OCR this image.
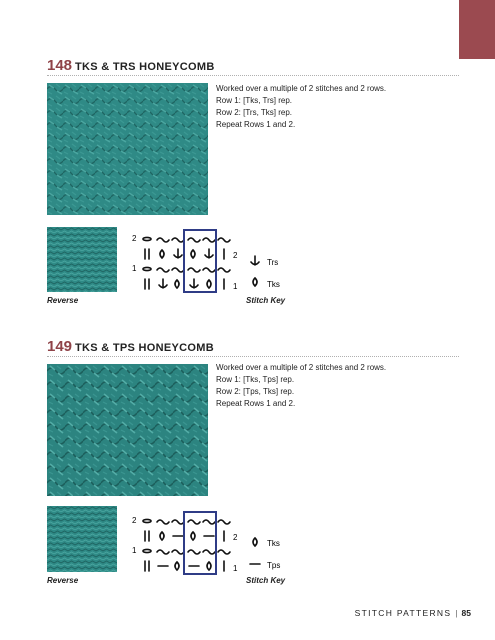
148 TKS & TRS HONEYCOMB
Worked over a multiple of 2 stitches and 2 rows.
Row 1: [Tks, Trs] rep.
Row 2: [Trs, Tks] rep.
Repeat Rows 1 and 2.
Reverse
2
1
2
1
Trs
Tks
Stitch Key
149 TKS & TPS HONEYCOMB
Worked over a multiple of 2 stitches and 2 rows.
Row 1: [Tks, Tps] rep.
Row 2: [Tps, Tks] rep.
Repeat Rows 1 and 2.
Reverse
2
1
2
1
Tks
Tps
Stitch Key
STITCH PATTERNS | 85
